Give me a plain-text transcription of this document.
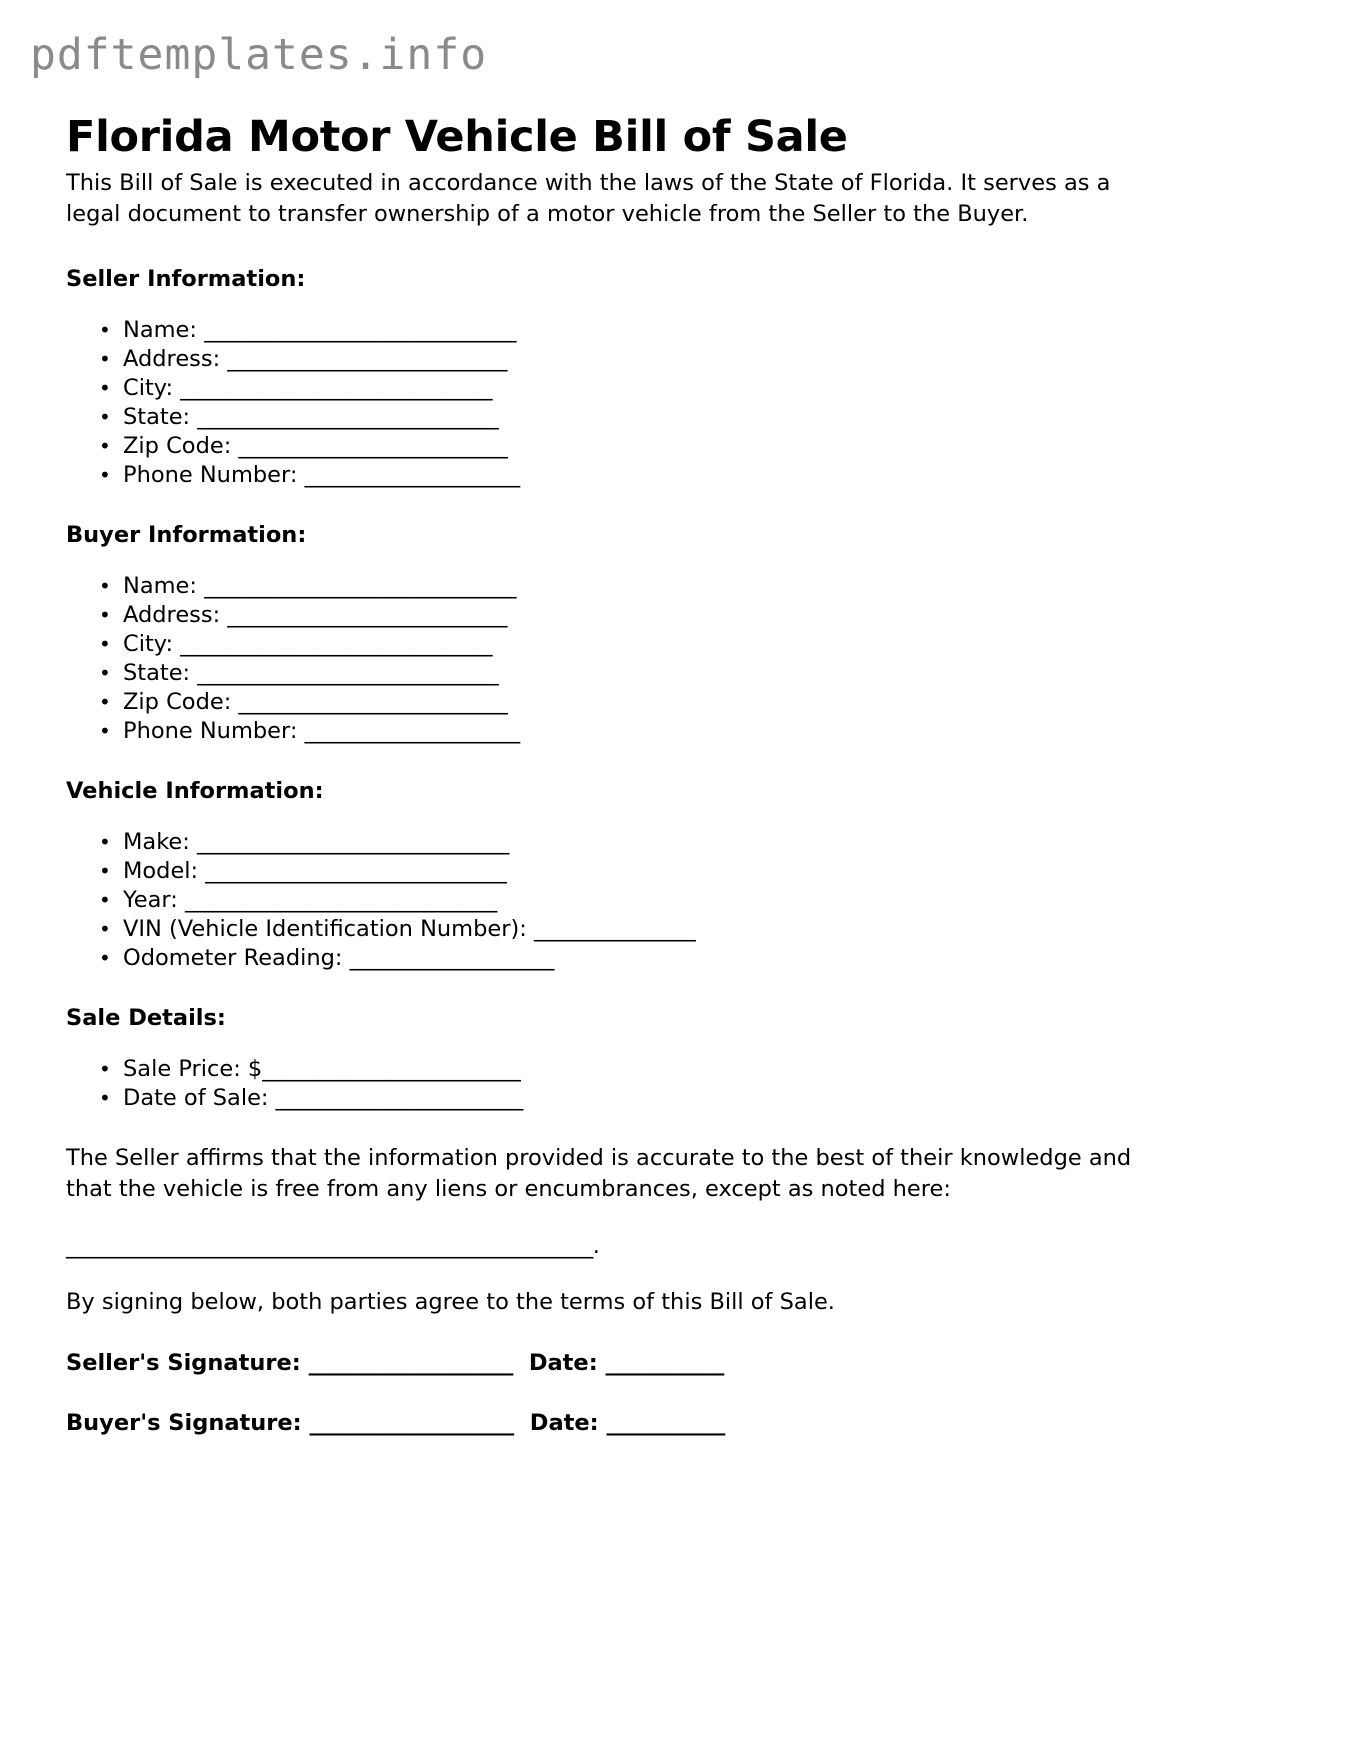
pdftemplates.info
Florida Motor Vehicle Bill of Sale

This Bill of Sale is executed in accordance with the laws of the State of Florida. It serves as a legal document to transfer ownership of a motor vehicle from the Seller to the Buyer.

Seller Information:
• Name: _____________________________
• Address: __________________________
• City: _____________________________
• State: ____________________________
• Zip Code: _________________________
• Phone Number: ____________________
Buyer Information:
• Name: _____________________________
• Address: __________________________
• City: _____________________________
• State: ____________________________
• Zip Code: _________________________
• Phone Number: ____________________
Vehicle Information:
• Make: _____________________________
• Model: ____________________________
• Year: _____________________________
• VIN (Vehicle Identification Number): _______________
• Odometer Reading: ___________________
Sale Details:
• Sale Price: $________________________
• Date of Sale: _______________________

The Seller affirms that the information provided is accurate to the best of their knowledge and that the vehicle is free from any liens or encumbrances, except as noted here:

_________________________________________________.

By signing below, both parties agree to the terms of this Bill of Sale.

Seller's Signature: ___________________ Date: ___________
Buyer's Signature: ___________________ Date: ___________
